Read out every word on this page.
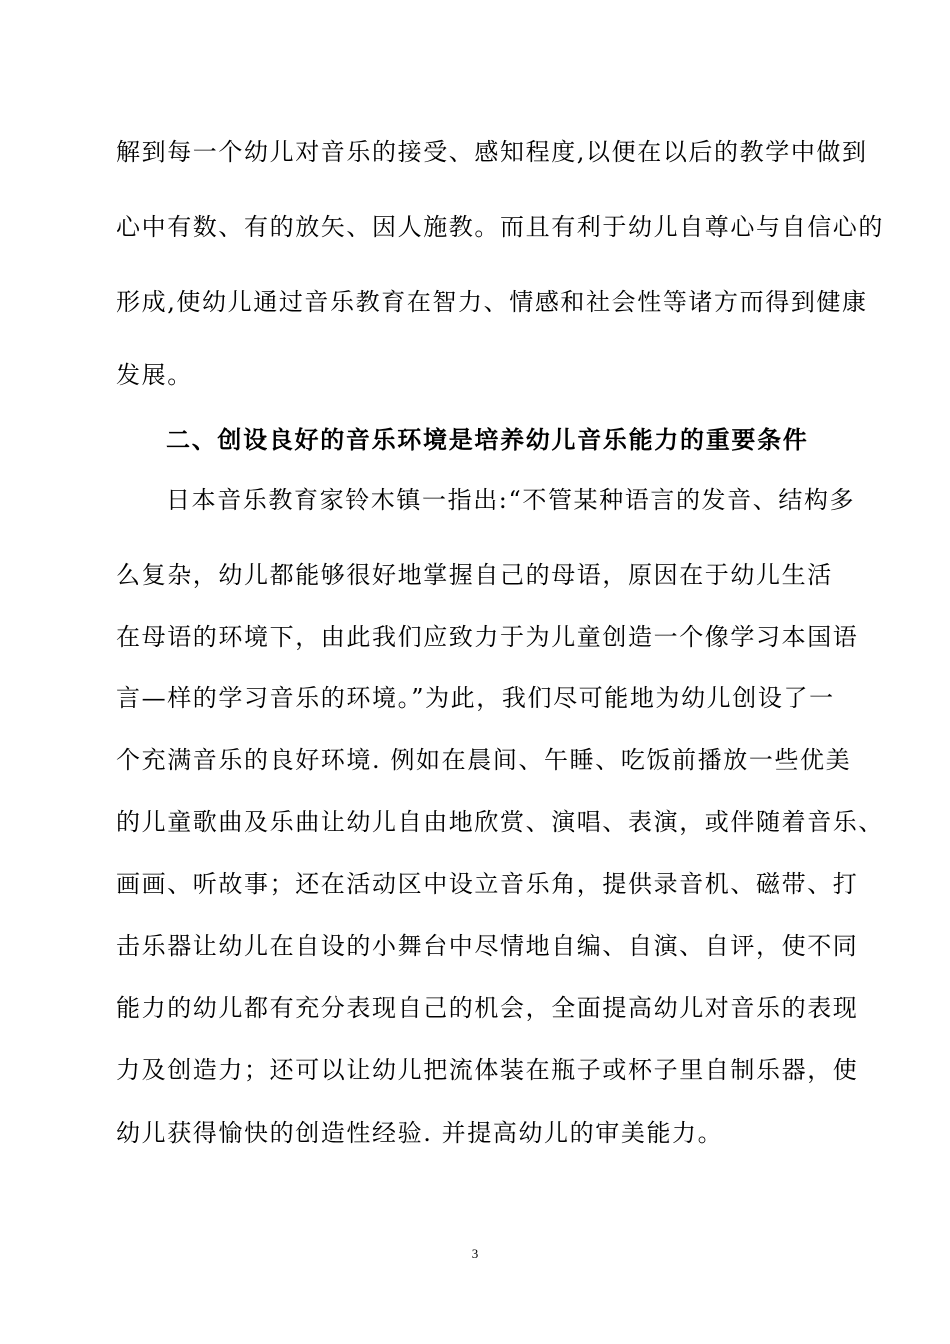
解到每一个幼儿对音乐的接受、感知程度,以便在以后的教学中做到
心中有数、有的放矢、因人施教。而且有利于幼儿自尊心与自信心的
形成,使幼儿通过音乐教育在智力、情感和社会性等诸方而得到健康
发展。
二、创设良好的音乐环境是培养幼儿音乐能力的重要条件
日本音乐教育家铃木镇一指出:“不管某种语言的发音、结构多
么复杂，幼儿都能够很好地掌握自己的母语，原因在于幼儿生活
在母语的环境下，由此我们应致力于为儿童创造一个像学习本国语
言—样的学习音乐的环境。”为此，我们尽可能地为幼儿创设了一
个充满音乐的良好环境. 例如在晨间、午睡、吃饭前播放一些优美
的儿童歌曲及乐曲让幼儿自由地欣赏、演唱、表演，或伴随着音乐、
画画、听故事；还在活动区中设立音乐角，提供录音机、磁带、打
击乐器让幼儿在自设的小舞台中尽情地自编、自演、自评，使不同
能力的幼儿都有充分表现自己的机会，全面提高幼儿对音乐的表现
力及创造力；还可以让幼儿把流体装在瓶子或杯子里自制乐器，使
幼儿获得愉快的创造性经验. 并提高幼儿的审美能力。
3
